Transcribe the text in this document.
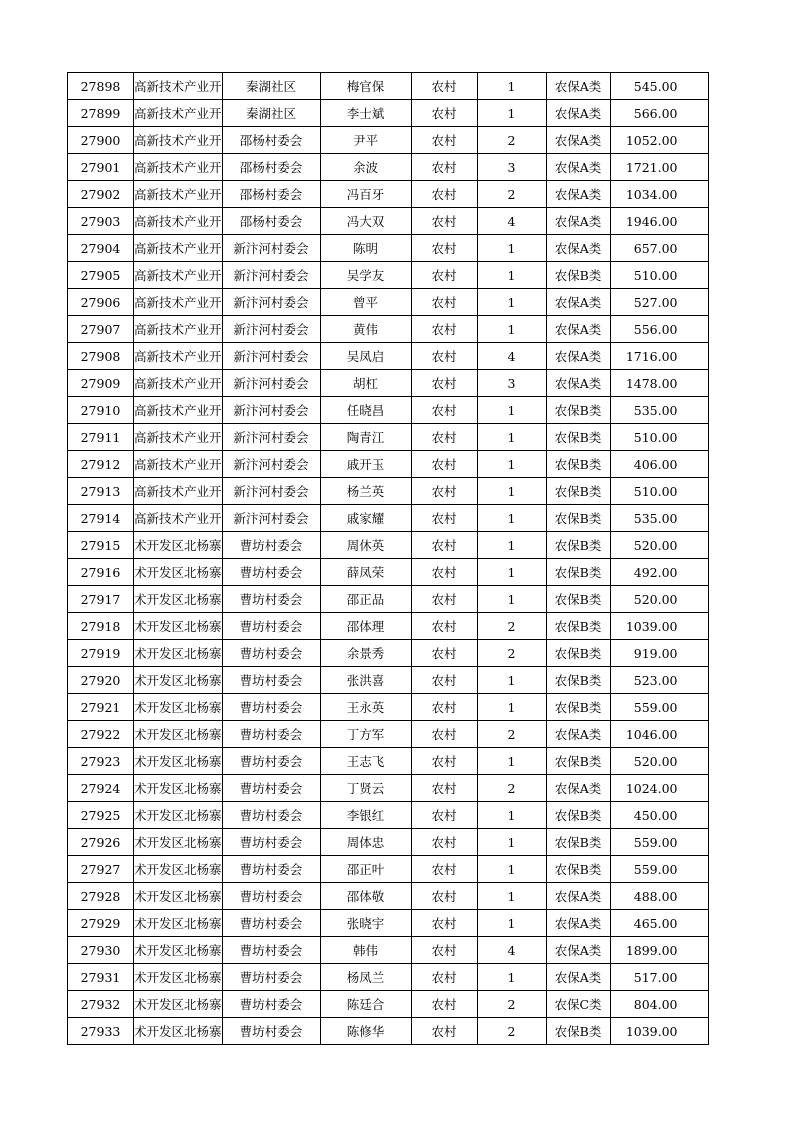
27898	高新技术产业开	秦湖社区	梅官保	农村	1	农保A类	545.00
27899	高新技术产业开	秦湖社区	李士斌	农村	1	农保A类	566.00
27900	高新技术产业开	邵杨村委会	尹平	农村	2	农保A类	1052.00
27901	高新技术产业开	邵杨村委会	余波	农村	3	农保A类	1721.00
27902	高新技术产业开	邵杨村委会	冯百牙	农村	2	农保A类	1034.00
27903	高新技术产业开	邵杨村委会	冯大双	农村	4	农保A类	1946.00
27904	高新技术产业开	新汴河村委会	陈明	农村	1	农保A类	657.00
27905	高新技术产业开	新汴河村委会	吴学友	农村	1	农保B类	510.00
27906	高新技术产业开	新汴河村委会	曾平	农村	1	农保A类	527.00
27907	高新技术产业开	新汴河村委会	黄伟	农村	1	农保A类	556.00
27908	高新技术产业开	新汴河村委会	吴凤启	农村	4	农保A类	1716.00
27909	高新技术产业开	新汴河村委会	胡杠	农村	3	农保A类	1478.00
27910	高新技术产业开	新汴河村委会	任晓昌	农村	1	农保B类	535.00
27911	高新技术产业开	新汴河村委会	陶青江	农村	1	农保B类	510.00
27912	高新技术产业开	新汴河村委会	戚开玉	农村	1	农保B类	406.00
27913	高新技术产业开	新汴河村委会	杨兰英	农村	1	农保B类	510.00
27914	高新技术产业开	新汴河村委会	戚家耀	农村	1	农保B类	535.00
27915	术开发区北杨寨	曹坊村委会	周休英	农村	1	农保B类	520.00
27916	术开发区北杨寨	曹坊村委会	薛凤荣	农村	1	农保B类	492.00
27917	术开发区北杨寨	曹坊村委会	邵正品	农村	1	农保B类	520.00
27918	术开发区北杨寨	曹坊村委会	邵体理	农村	2	农保B类	1039.00
27919	术开发区北杨寨	曹坊村委会	余景秀	农村	2	农保B类	919.00
27920	术开发区北杨寨	曹坊村委会	张洪喜	农村	1	农保B类	523.00
27921	术开发区北杨寨	曹坊村委会	王永英	农村	1	农保B类	559.00
27922	术开发区北杨寨	曹坊村委会	丁方军	农村	2	农保A类	1046.00
27923	术开发区北杨寨	曹坊村委会	王志飞	农村	1	农保B类	520.00
27924	术开发区北杨寨	曹坊村委会	丁贤云	农村	2	农保A类	1024.00
27925	术开发区北杨寨	曹坊村委会	李银红	农村	1	农保B类	450.00
27926	术开发区北杨寨	曹坊村委会	周体忠	农村	1	农保B类	559.00
27927	术开发区北杨寨	曹坊村委会	邵正叶	农村	1	农保B类	559.00
27928	术开发区北杨寨	曹坊村委会	邵体敬	农村	1	农保A类	488.00
27929	术开发区北杨寨	曹坊村委会	张晓宇	农村	1	农保A类	465.00
27930	术开发区北杨寨	曹坊村委会	韩伟	农村	4	农保A类	1899.00
27931	术开发区北杨寨	曹坊村委会	杨凤兰	农村	1	农保A类	517.00
27932	术开发区北杨寨	曹坊村委会	陈廷合	农村	2	农保C类	804.00
27933	术开发区北杨寨	曹坊村委会	陈修华	农村	2	农保B类	1039.00
